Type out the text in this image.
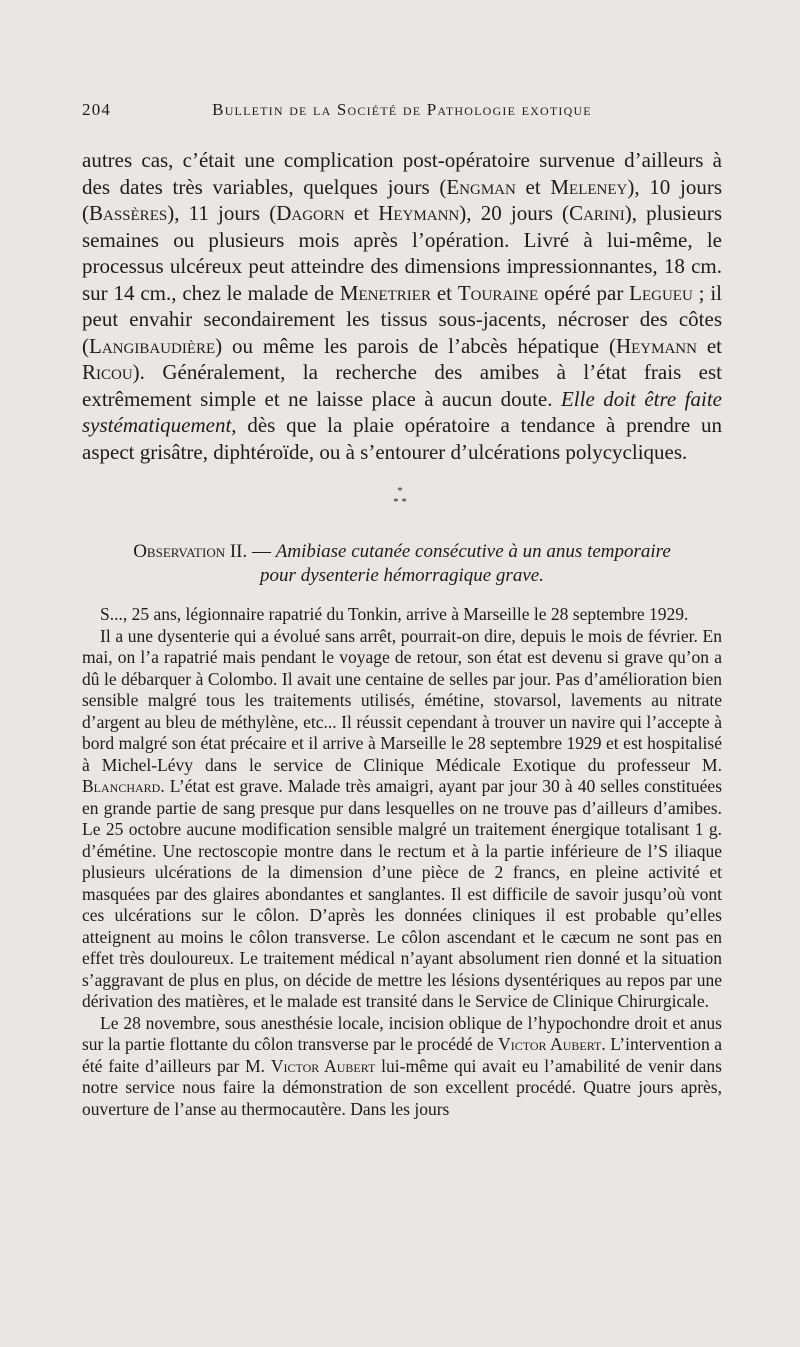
204	Bulletin de la Société de Pathologie exotique

autres cas, c’était une complication post-opératoire survenue d’ailleurs à des dates très variables, quelques jours (Engman et Meleney), 10 jours (Bassères), 11 jours (Dagorn et Heymann), 20 jours (Carini), plusieurs semaines ou plusieurs mois après l’opération. Livré à lui-même, le processus ulcéreux peut atteindre des dimensions impressionnantes, 18 cm. sur 14 cm., chez le malade de Menetrier et Touraine opéré par Legueu ; il peut envahir secondairement les tissus sous-jacents, nécroser des côtes (Langibaudière) ou même les parois de l’abcès hépatique (Heymann et Ricou). Généralement, la recherche des amibes à l’état frais est extrêmement simple et ne laisse place à aucun doute. Elle doit être faite systématiquement, dès que la plaie opératoire a tendance à prendre un aspect grisâtre, diphtéroïde, ou à s’entourer d’ulcérations polycycliques.

*
* *
Observation II. — Amibiase cutanée consécutive à un anus temporaire
pour dysenterie hémorragique grave.

S..., 25 ans, légionnaire rapatrié du Tonkin, arrive à Marseille le 28 septembre 1929.

Il a une dysenterie qui a évolué sans arrêt, pourrait-on dire, depuis le mois de février. En mai, on l’a rapatrié mais pendant le voyage de retour, son état est devenu si grave qu’on a dû le débarquer à Colombo. Il avait une centaine de selles par jour. Pas d’amélioration bien sensible malgré tous les traitements utilisés, émétine, stovarsol, lavements au nitrate d’argent au bleu de méthylène, etc... Il réussit cependant à trouver un navire qui l’accepte à bord malgré son état précaire et il arrive à Marseille le 28 septembre 1929 et est hospitalisé à Michel-Lévy dans le service de Clinique Médicale Exotique du professeur M. Blanchard. L’état est grave. Malade très amaigri, ayant par jour 30 à 40 selles constituées en grande partie de sang presque pur dans lesquelles on ne trouve pas d’ailleurs d’amibes. Le 25 octobre aucune modification sensible malgré un traitement énergique totalisant 1 g. d’émétine. Une rectoscopie montre dans le rectum et à la partie inférieure de l’S iliaque plusieurs ulcérations de la dimension d’une pièce de 2 francs, en pleine activité et masquées par des glaires abondantes et sanglantes. Il est difficile de savoir jusqu’où vont ces ulcérations sur le côlon. D’après les données cliniques il est probable qu’elles atteignent au moins le côlon transverse. Le côlon ascendant et le cæcum ne sont pas en effet très douloureux. Le traitement médical n’ayant absolument rien donné et la situation s’aggravant de plus en plus, on décide de mettre les lésions dysentériques au repos par une dérivation des matières, et le malade est transité dans le Service de Clinique Chirurgicale.

Le 28 novembre, sous anesthésie locale, incision oblique de l’hypochondre droit et anus sur la partie flottante du côlon transverse par le procédé de Victor Aubert. L’intervention a été faite d’ailleurs par M. Victor Aubert lui-même qui avait eu l’amabilité de venir dans notre service nous faire la démonstration de son excellent procédé. Quatre jours après, ouverture de l’anse au thermocautère. Dans les jours
